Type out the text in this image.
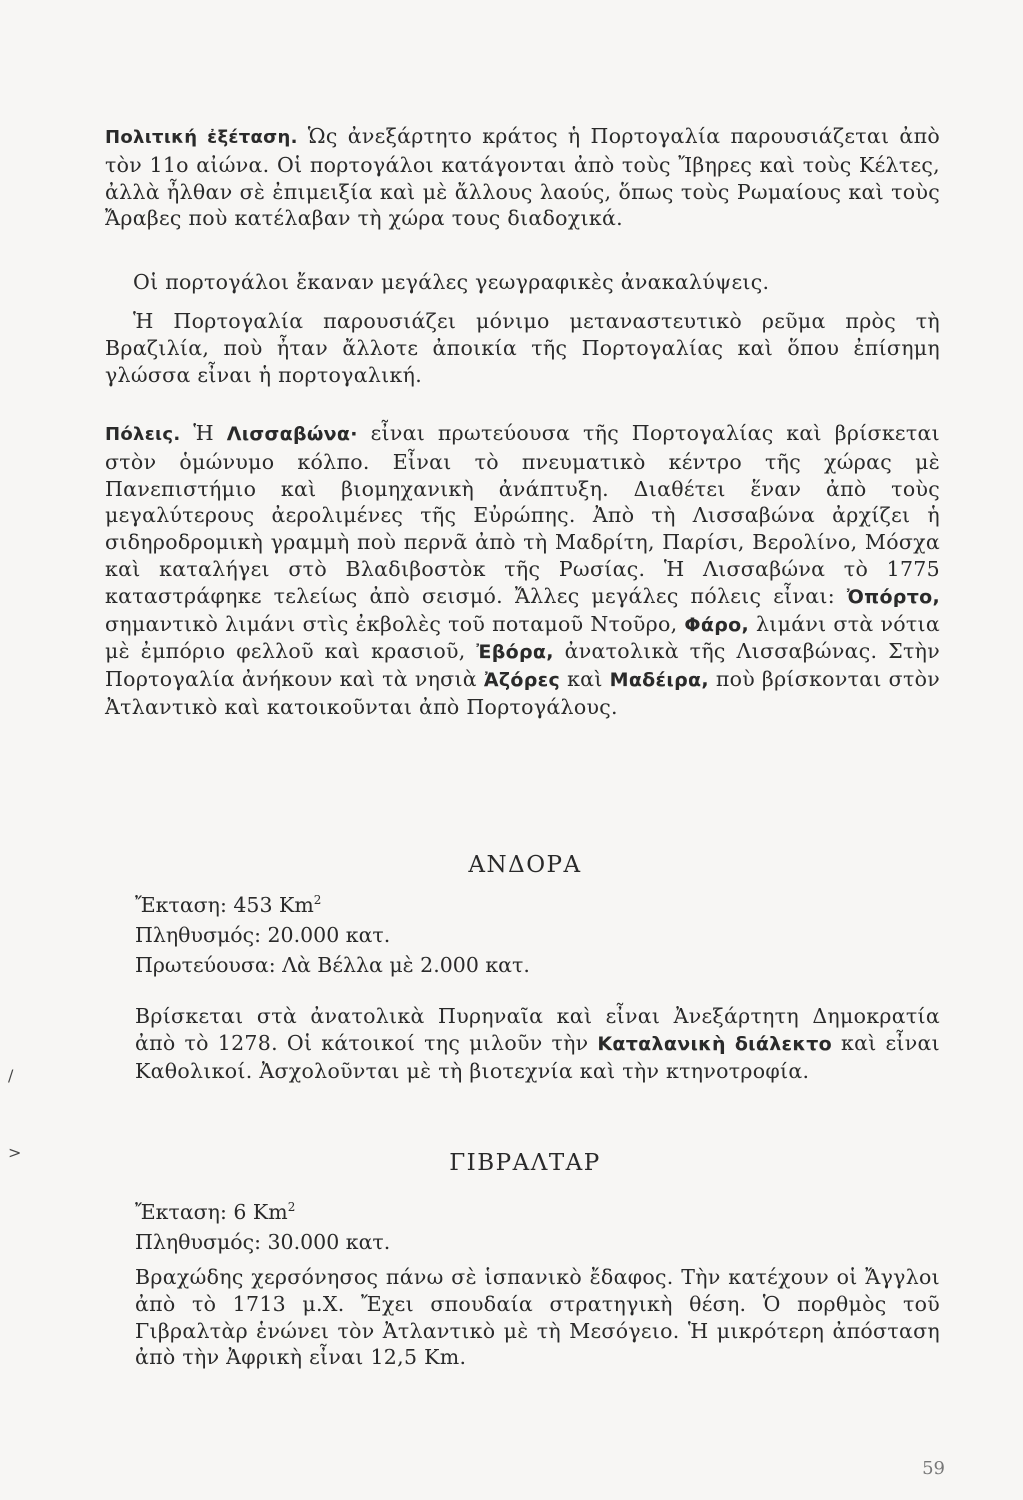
Πολιτική ἐξέταση. Ὡς ἀνεξάρτητο κράτος ἡ Πορτογαλία παρουσιάζεται ἀπὸ τὸν 11ο αἰώνα. Οἱ πορτογάλοι κατάγονται ἀπὸ τοὺς Ἴβηρες καὶ τοὺς Κέλτες, ἀλλὰ ἦλθαν σὲ ἐπιμειξία καὶ μὲ ἄλλους λαούς, ὅπως τοὺς Ρωμαίους καὶ τοὺς Ἄραβες ποὺ κατέλαβαν τὴ χώρα τους διαδοχικά.

Οἱ πορτογάλοι ἔκαναν μεγάλες γεωγραφικὲς ἀνακαλύψεις.

Ἡ Πορτογαλία παρουσιάζει μόνιμο μεταναστευτικὸ ρεῦμα πρὸς τὴ Βραζιλία, ποὺ ἦταν ἄλλοτε ἀποικία τῆς Πορτογαλίας καὶ ὅπου ἐπίσημη γλώσσα εἶναι ἡ πορτογαλική.

Πόλεις. Ἡ Λισσαβώνα· εἶναι πρωτεύουσα τῆς Πορτογαλίας καὶ βρίσκεται στὸν ὁμώνυμο κόλπο. Εἶναι τὸ πνευματικὸ κέντρο τῆς χώρας μὲ Πανεπιστήμιο καὶ βιομηχανικὴ ἀνάπτυξη. Διαθέτει ἕναν ἀπὸ τοὺς μεγαλύτερους ἀερολιμένες τῆς Εὐρώπης. Ἀπὸ τὴ Λισσαβώνα ἀρχίζει ἡ σιδηροδρομικὴ γραμμὴ ποὺ περνᾶ ἀπὸ τὴ Μαδρίτη, Παρίσι, Βερολίνο, Μόσχα καὶ καταλήγει στὸ Βλαδιβοστὸκ τῆς Ρωσίας. Ἡ Λισσαβώνα τὸ 1775 καταστράφηκε τελείως ἀπὸ σεισμό. Ἄλλες μεγάλες πόλεις εἶναι: Ὀπόρτο, σημαντικὸ λιμάνι στὶς ἐκβολὲς τοῦ ποταμοῦ Ντοῦρο, Φάρο, λιμάνι στὰ νότια μὲ ἐμπόριο φελλοῦ καὶ κρασιοῦ, Ἐβόρα, ἀνατολικὰ τῆς Λισσαβώνας. Στὴν Πορτογαλία ἀνήκουν καὶ τὰ νησιὰ Ἀζόρες καὶ Μαδέιρα, ποὺ βρίσκονται στὸν Ἀτλαντικὸ καὶ κατοικοῦνται ἀπὸ Πορτογάλους.

ΑΝΔΟΡΑ
Ἔκταση: 453 Km$^2$
Πληθυσμός: 20.000 κατ.
Πρωτεύουσα: Λὰ Βέλλα μὲ 2.000 κατ.

Βρίσκεται στὰ ἀνατολικὰ Πυρηναῖα καὶ εἶναι Ἀνεξάρτητη Δημοκρατία ἀπὸ τὸ 1278. Οἱ κάτοικοί της μιλοῦν τὴν Καταλανικὴ διάλεκτο καὶ εἶναι Καθολικοί. Ἀσχολοῦνται μὲ τὴ βιοτεχνία καὶ τὴν κτηνοτροφία.

ΓΙΒΡΑΛΤΑΡ
Ἔκταση: 6 Km$^2$
Πληθυσμός: 30.000 κατ.

Βραχώδης χερσόνησος πάνω σὲ ἱσπανικὸ ἔδαφος. Τὴν κατέχουν οἱ Ἄγγλοι ἀπὸ τὸ 1713 μ.Χ. Ἔχει σπουδαία στρατηγικὴ θέση. Ὁ πορθμὸς τοῦ Γιβραλτὰρ ἑνώνει τὸν Ἀτλαντικὸ μὲ τὴ Μεσόγειο. Ἡ μικρότερη ἀπόσταση ἀπὸ τὴν Ἀφρικὴ εἶναι 12,5 Km.

/
>
59
